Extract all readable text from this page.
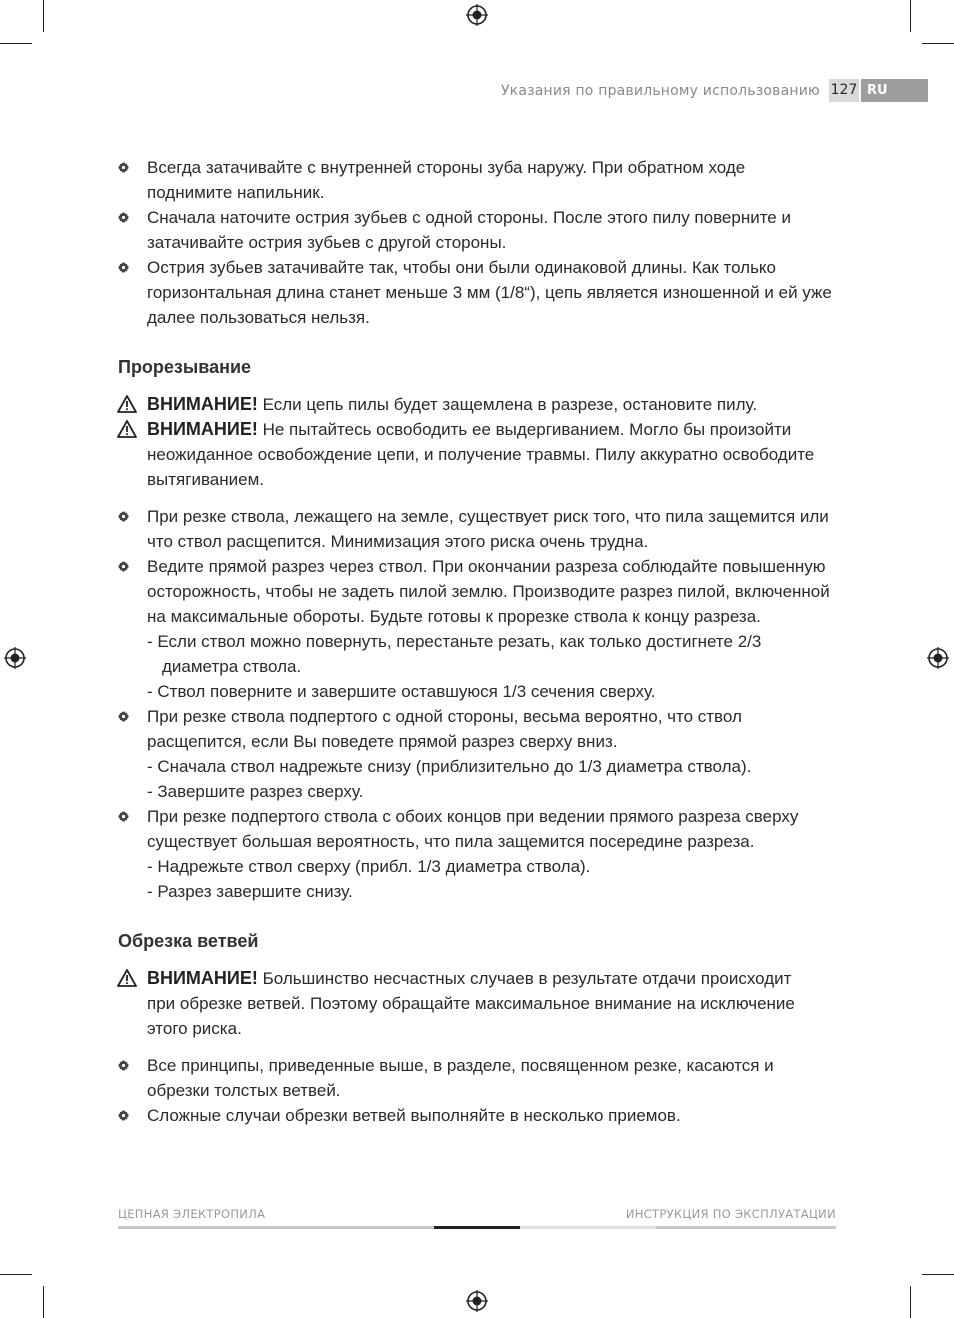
Указания по правильному использованию 127 RU
Всегда затачивайте с внутренней стороны зуба наружу. При обратном ходе
поднимите напильник.
Сначала наточите острия зубьев с одной стороны. После этого пилу поверните и
затачивайте острия зубьев с другой стороны.
Острия зубьев затачивайте так, чтобы они были одинаковой длины. Как только
горизонтальная длина станет меньше 3 мм (1/8“), цепь является изношенной и ей уже
далее пользоваться нельзя.

Прорезывание

ВНИМАНИЕ! Если цепь пилы будет защемлена в разрезе, остановите пилу.
ВНИМАНИЕ! Не пытайтесь освободить ее выдергиванием. Могло бы произойти
неожиданное освобождение цепи, и получение травмы. Пилу аккуратно освободите
вытягиванием.
При резке ствола, лежащего на земле, существует риск того, что пила защемится или
что ствол расщепится. Минимизация этого риска очень трудна.
Ведите прямой разрез через ствол. При окончании разреза соблюдайте повышенную
осторожность, чтобы не задеть пилой землю. Производите разрез пилой, включенной
на максимальные обороты. Будьте готовы к прорезке ствола к концу разреза.

- Если ствол можно повернуть, перестаньте резать, как только достигнете 2/3

диаметра ствола.

- Ствол поверните и завершите оставшуюся 1/3 сечения сверху.

При резке ствола подпертого с одной стороны, весьма вероятно, что ствол
расщепится, если Вы поведете прямой разрез сверху вниз.

- Сначала ствол надрежьте снизу (приблизительно до 1/3 диаметра ствола).

- Завершите разрез сверху.

При резке подпертого ствола с обоих концов при ведении прямого разреза сверху
существует большая вероятность, что пила защемится посередине разреза.

- Надрежьте ствол сверху (прибл. 1/3 диаметра ствола).

- Разрез завершите снизу.

Обрезка ветвей

ВНИМАНИЕ! Большинство несчастных случаев в результате отдачи происходит
при обрезке ветвей. Поэтому обращайте максимальное внимание на исключение
этого риска.
Все принципы, приведенные выше, в разделе, посвященном резке, касаются и
обрезки толстых ветвей.
Сложные случаи обрезки ветвей выполняйте в несколько приемов.
ЦЕПНАЯ ЭЛЕКТРОПИЛА	ИНСТРУКЦИЯ ПО ЭКСПЛУАТАЦИИ
